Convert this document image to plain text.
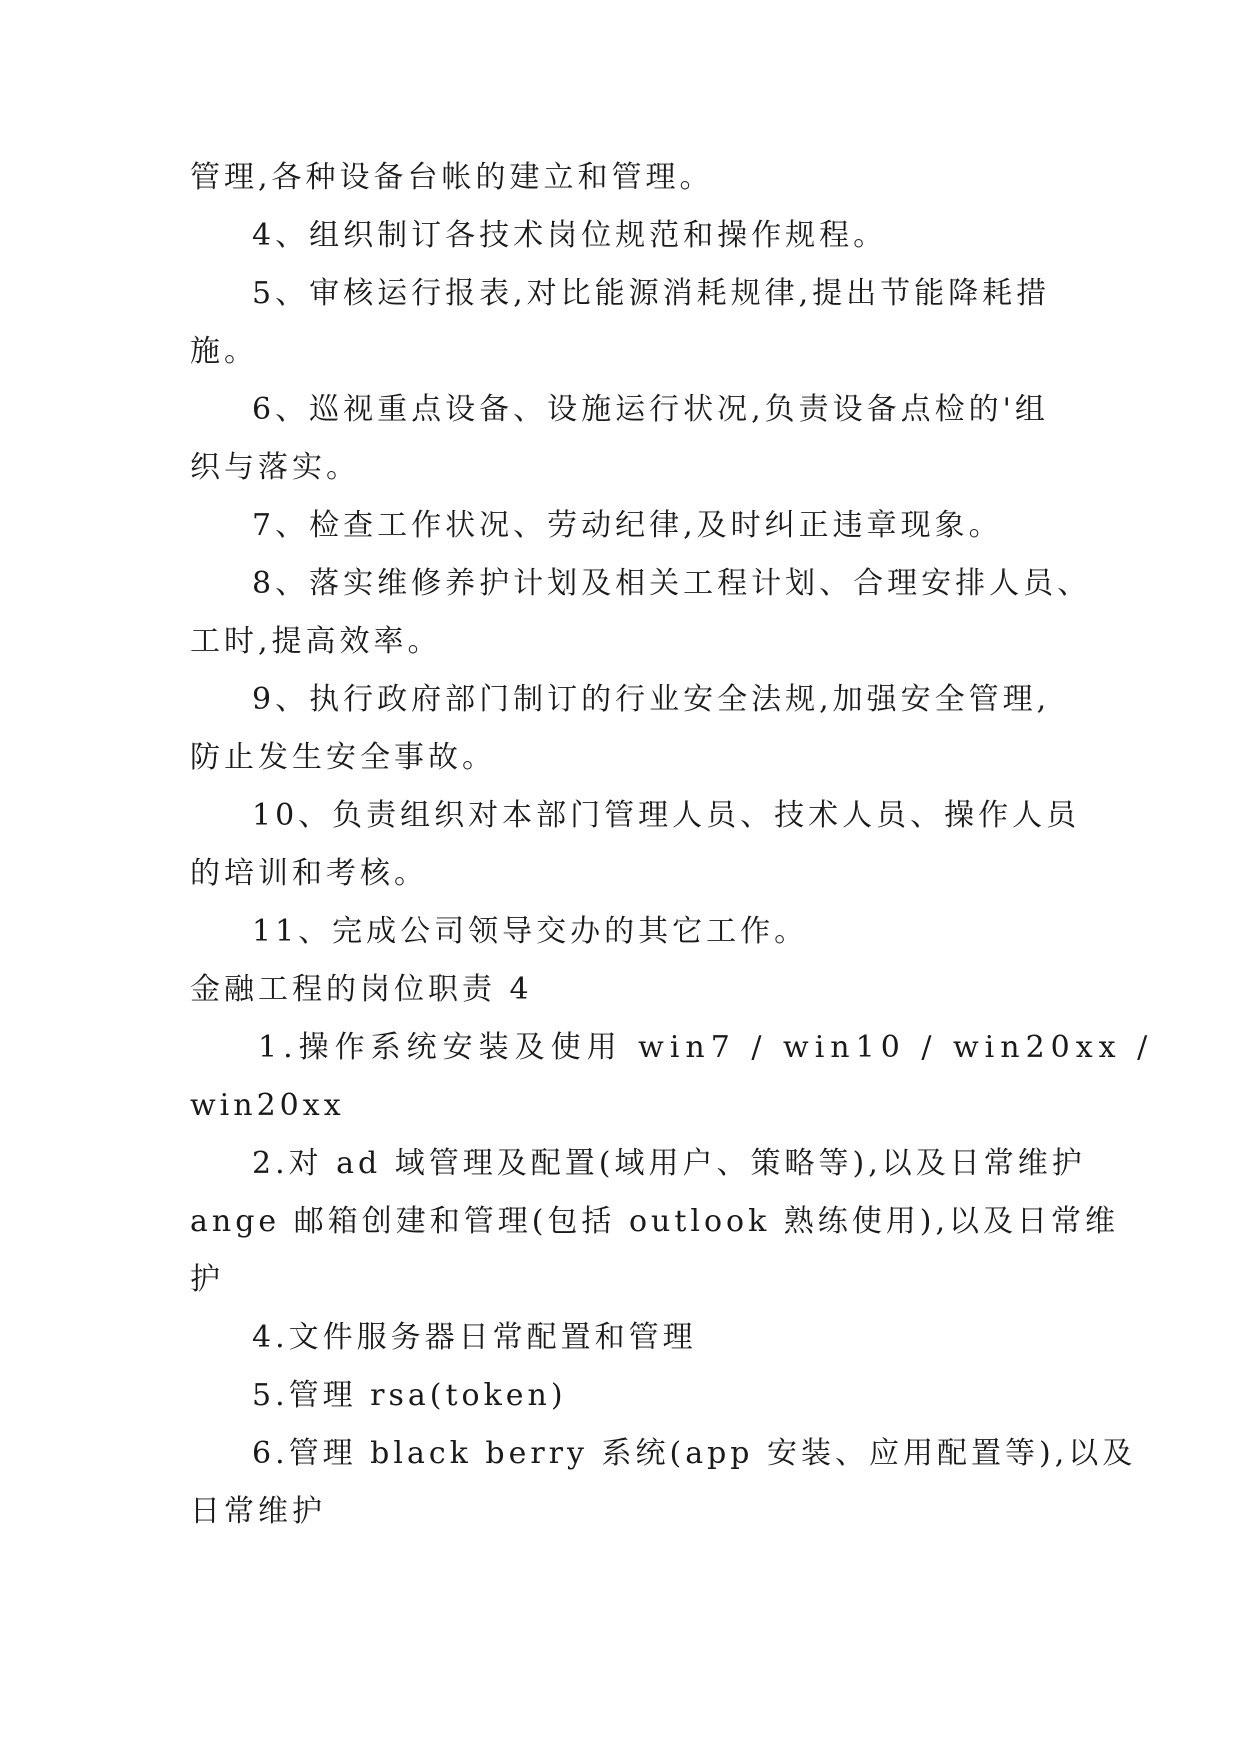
管理,各种设备台帐的建立和管理。
4、组织制订各技术岗位规范和操作规程。
5、审核运行报表,对比能源消耗规律,提出节能降耗措
施。
6、巡视重点设备、设施运行状况,负责设备点检的'组
织与落实。
7、检查工作状况、劳动纪律,及时纠正违章现象。
8、落实维修养护计划及相关工程计划、合理安排人员、
工时,提高效率。
9、执行政府部门制订的行业安全法规,加强安全管理,
防止发生安全事故。
10、负责组织对本部门管理人员、技术人员、操作人员
的培训和考核。
11、完成公司领导交办的其它工作。
金融工程的岗位职责 4
1.操作系统安装及使用 win7 / win10 / win20xx /
win20xx
2.对 ad 域管理及配置(域用户、策略等),以及日常维护
ange 邮箱创建和管理(包括 outlook 熟练使用),以及日常维
护
4.文件服务器日常配置和管理
5.管理 rsa(token)
6.管理 black berry 系统(app 安装、应用配置等),以及
日常维护
